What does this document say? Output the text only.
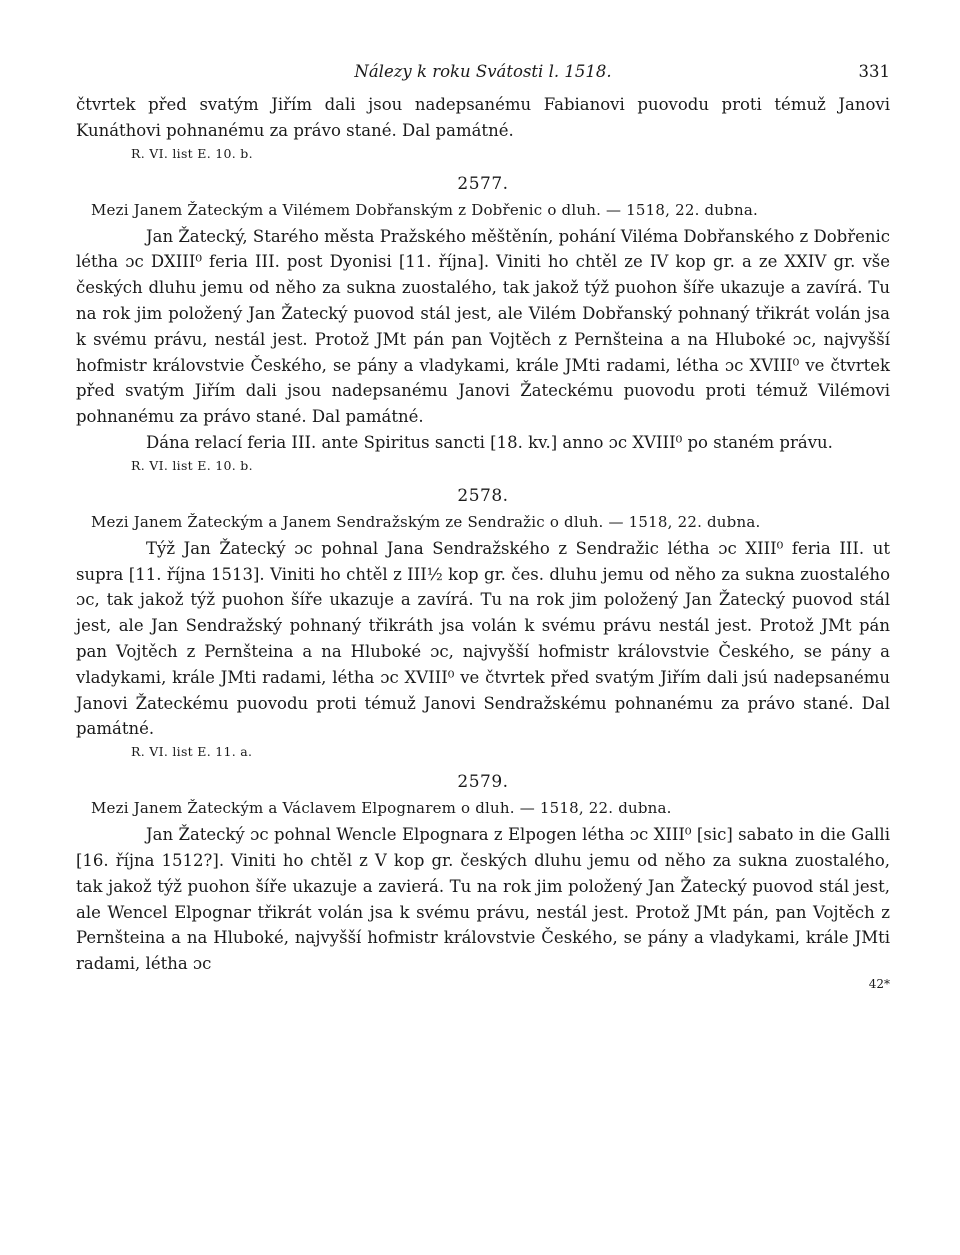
Nálezy k roku Svátosti l. 1518.	331

čtvrtek před svatým Jiřím dali jsou nadepsanému Fabianovi puovodu proti témuž Janovi Kunáthovi pohnanému za právo stané. Dal památné.

R. VI. list E. 10. b.
2577.
Mezi Janem Žateckým a Vilémem Dobřanským z Dobřenic o dluh. — 1518, 22. dubna.

Jan Žatecký, Starého města Pražského měštěnín, pohání Viléma Dobřanského z Dobřenic létha ɔc DXIII⁰ feria III. post Dyonisi [11. října]. Viniti ho chtěl ze IV kop gr. a ze XXIV gr. vše českých dluhu jemu od něho za sukna zuostalého, tak jakož týž puohon šíře ukazuje a zavírá. Tu na rok jim položený Jan Žatecký puovod stál jest, ale Vilém Dobřanský pohnaný třikrát volán jsa k svému právu, nestál jest. Protož JMt pán pan Vojtěch z Pernšteina a na Hluboké ɔc, najvyšší hofmistr královstvie Českého, se pány a vladykami, krále JMti radami, létha ɔc XVIII⁰ ve čtvrtek před svatým Jiřím dali jsou nadepsanému Janovi Žateckému puovodu proti témuž Vilémovi pohnanému za právo stané. Dal památné.

Dána relací feria III. ante Spiritus sancti [18. kv.] anno ɔc XVIII⁰ po staném právu.

R. VI. list E. 10. b.
2578.
Mezi Janem Žateckým a Janem Sendražským ze Sendražic o dluh. — 1518, 22. dubna.

Týž Jan Žatecký ɔc pohnal Jana Sendražského z Sendražic létha ɔc XIII⁰ feria III. ut supra [11. října 1513]. Viniti ho chtěl z III½ kop gr. čes. dluhu jemu od něho za sukna zuostalého ɔc, tak jakož týž puohon šíře ukazuje a zavírá. Tu na rok jim položený Jan Žatecký puovod stál jest, ale Jan Sendražský pohnaný třikráth jsa volán k svému právu nestál jest. Protož JMt pán pan Vojtěch z Pernšteina a na Hluboké ɔc, najvyšší hofmistr královstvie Českého, se pány a vladykami, krále JMti radami, létha ɔc XVIII⁰ ve čtvrtek před svatým Jiřím dali jsú nadepsanému Janovi Žateckému puovodu proti témuž Janovi Sendražskému pohnanému za právo stané. Dal památné.

R. VI. list E. 11. a.
2579.
Mezi Janem Žateckým a Václavem Elpognarem o dluh. — 1518, 22. dubna.

Jan Žatecký ɔc pohnal Wencle Elpognara z Elpogen létha ɔc XIII⁰ [sic] sabato in die Galli [16. října 1512?]. Viniti ho chtěl z V kop gr. českých dluhu jemu od něho za sukna zuostalého, tak jakož týž puohon šíře ukazuje a zavierá. Tu na rok jim položený Jan Žatecký puovod stál jest, ale Wencel Elpognar třikrát volán jsa k svému právu, nestál jest. Protož JMt pán, pan Vojtěch z Pernšteina a na Hluboké, najvyšší hofmistr královstvie Českého, se pány a vladykami, krále JMti radami, létha ɔc

42*
